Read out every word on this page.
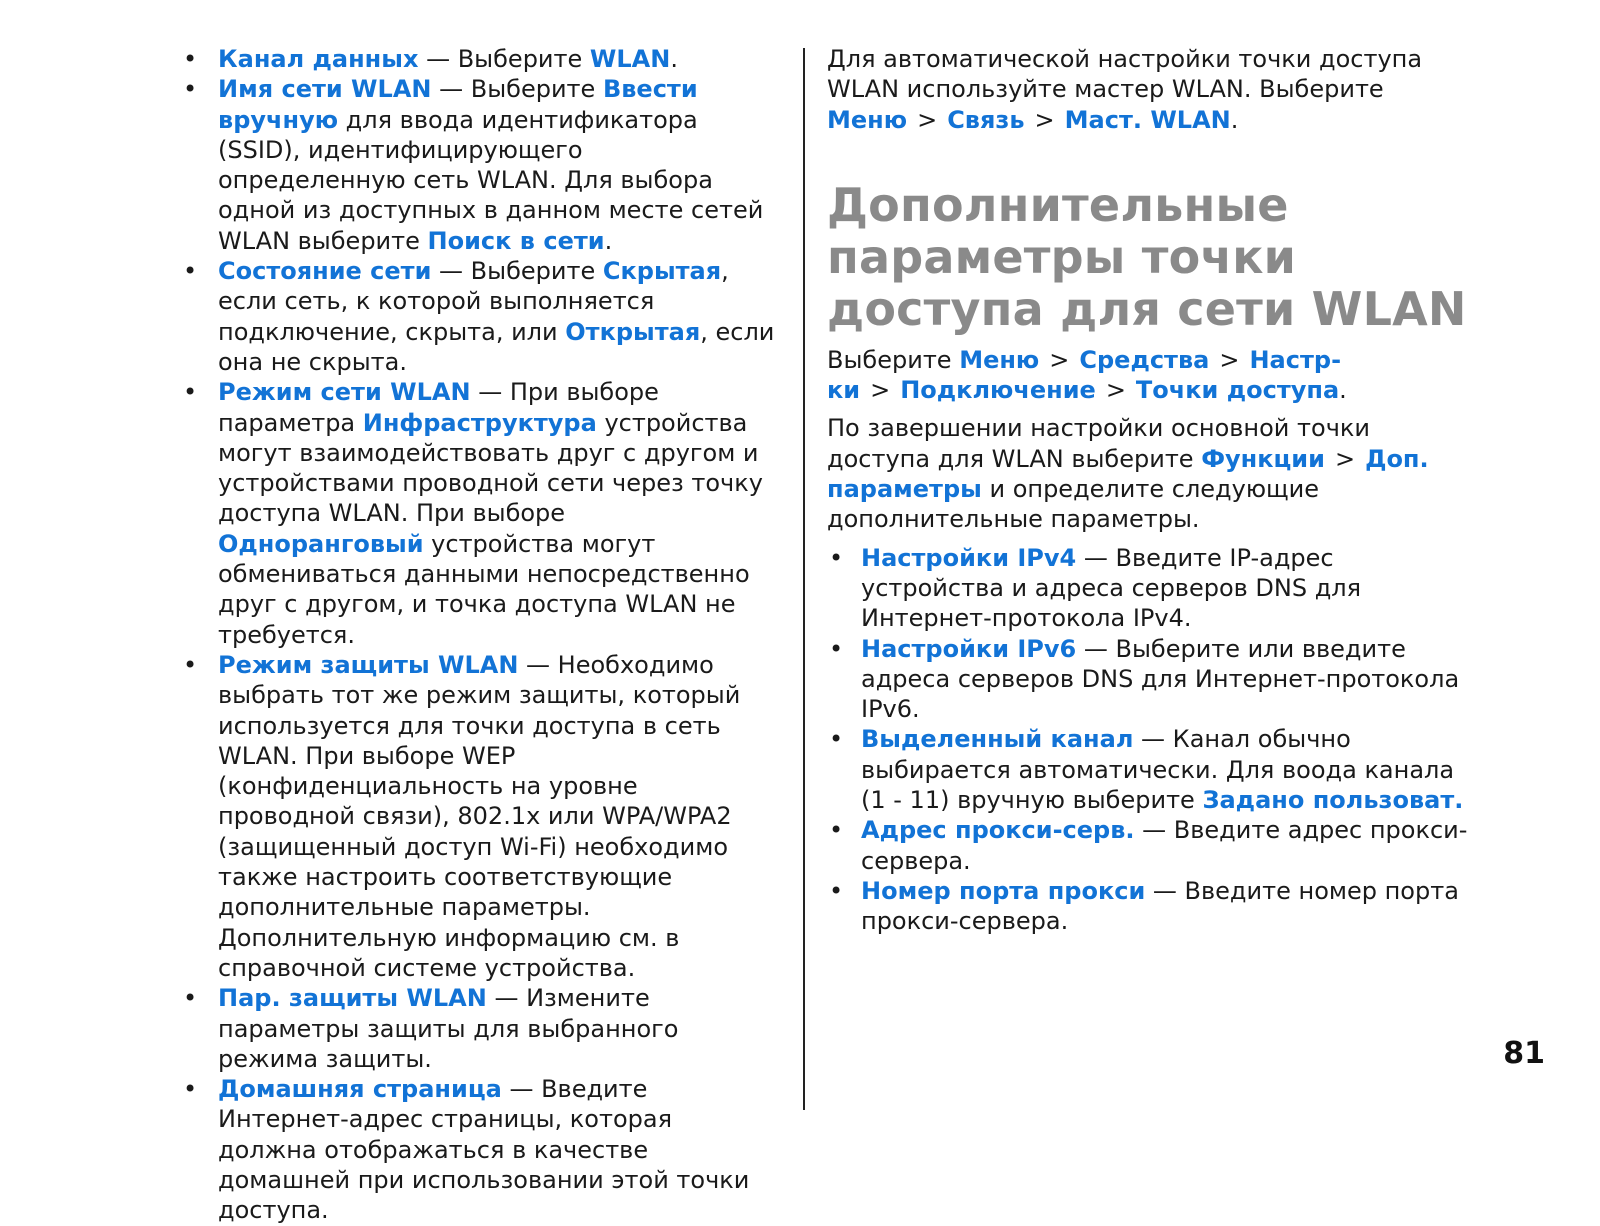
• Канал данных — Выберите WLAN.
• Имя сети WLAN — Выберите Ввести вручную для ввода идентификатора (SSID), идентифицирующего определенную сеть WLAN. Для выбора одной из доступных в данном месте сетей WLAN выберите Поиск в сети.
• Состояние сети — Выберите Скрытая, если сеть, к которой выполняется подключение, скрыта, или Открытая, если она не скрыта.
• Режим сети WLAN — При выборе параметра Инфраструктура устройства могут взаимодействовать друг с другом и устройствами проводной сети через точку доступа WLAN. При выборе Одноранговый устройства могут обмениваться данными непосредственно друг с другом, и точка доступа WLAN не требуется.
• Режим защиты WLAN — Необходимо выбрать тот же режим защиты, который используется для точки доступа в сеть WLAN. При выборе WEP (конфиденциальность на уровне проводной связи), 802.1x или WPA/WPA2 (защищенный доступ Wi-Fi) необходимо также настроить соответствующие дополнительные параметры. Дополнительную информацию см. в справочной системе устройства.
• Пар. защиты WLAN — Измените параметры защиты для выбранного режима защиты.
• Домашняя страница — Введите Интернет-адрес страницы, которая должна отображаться в качестве домашней при использовании этой точки доступа.

Для автоматической настройки точки доступа WLAN используйте мастер WLAN. Выберите Меню > Связь > Маст. WLAN.

Дополнительные параметры точки доступа для сети WLAN

Выберите Меню > Средства > Настр-ки > Подключение > Точки доступа.

По завершении настройки основной точки доступа для WLAN выберите Функции > Доп. параметры и определите следующие дополнительные параметры.

• Настройки IPv4 — Введите IP-адрес устройства и адреса серверов DNS для Интернет-протокола IPv4.
• Настройки IPv6 — Выберите или введите адреса серверов DNS для Интернет-протокола IPv6.
• Выделенный канал — Канал обычно выбирается автоматически. Для воода канала (1 - 11) вручную выберите Задано пользоват.
• Адрес прокси-серв. — Введите адрес прокси-сервера.
• Номер порта прокси — Введите номер порта прокси-сервера.
81
